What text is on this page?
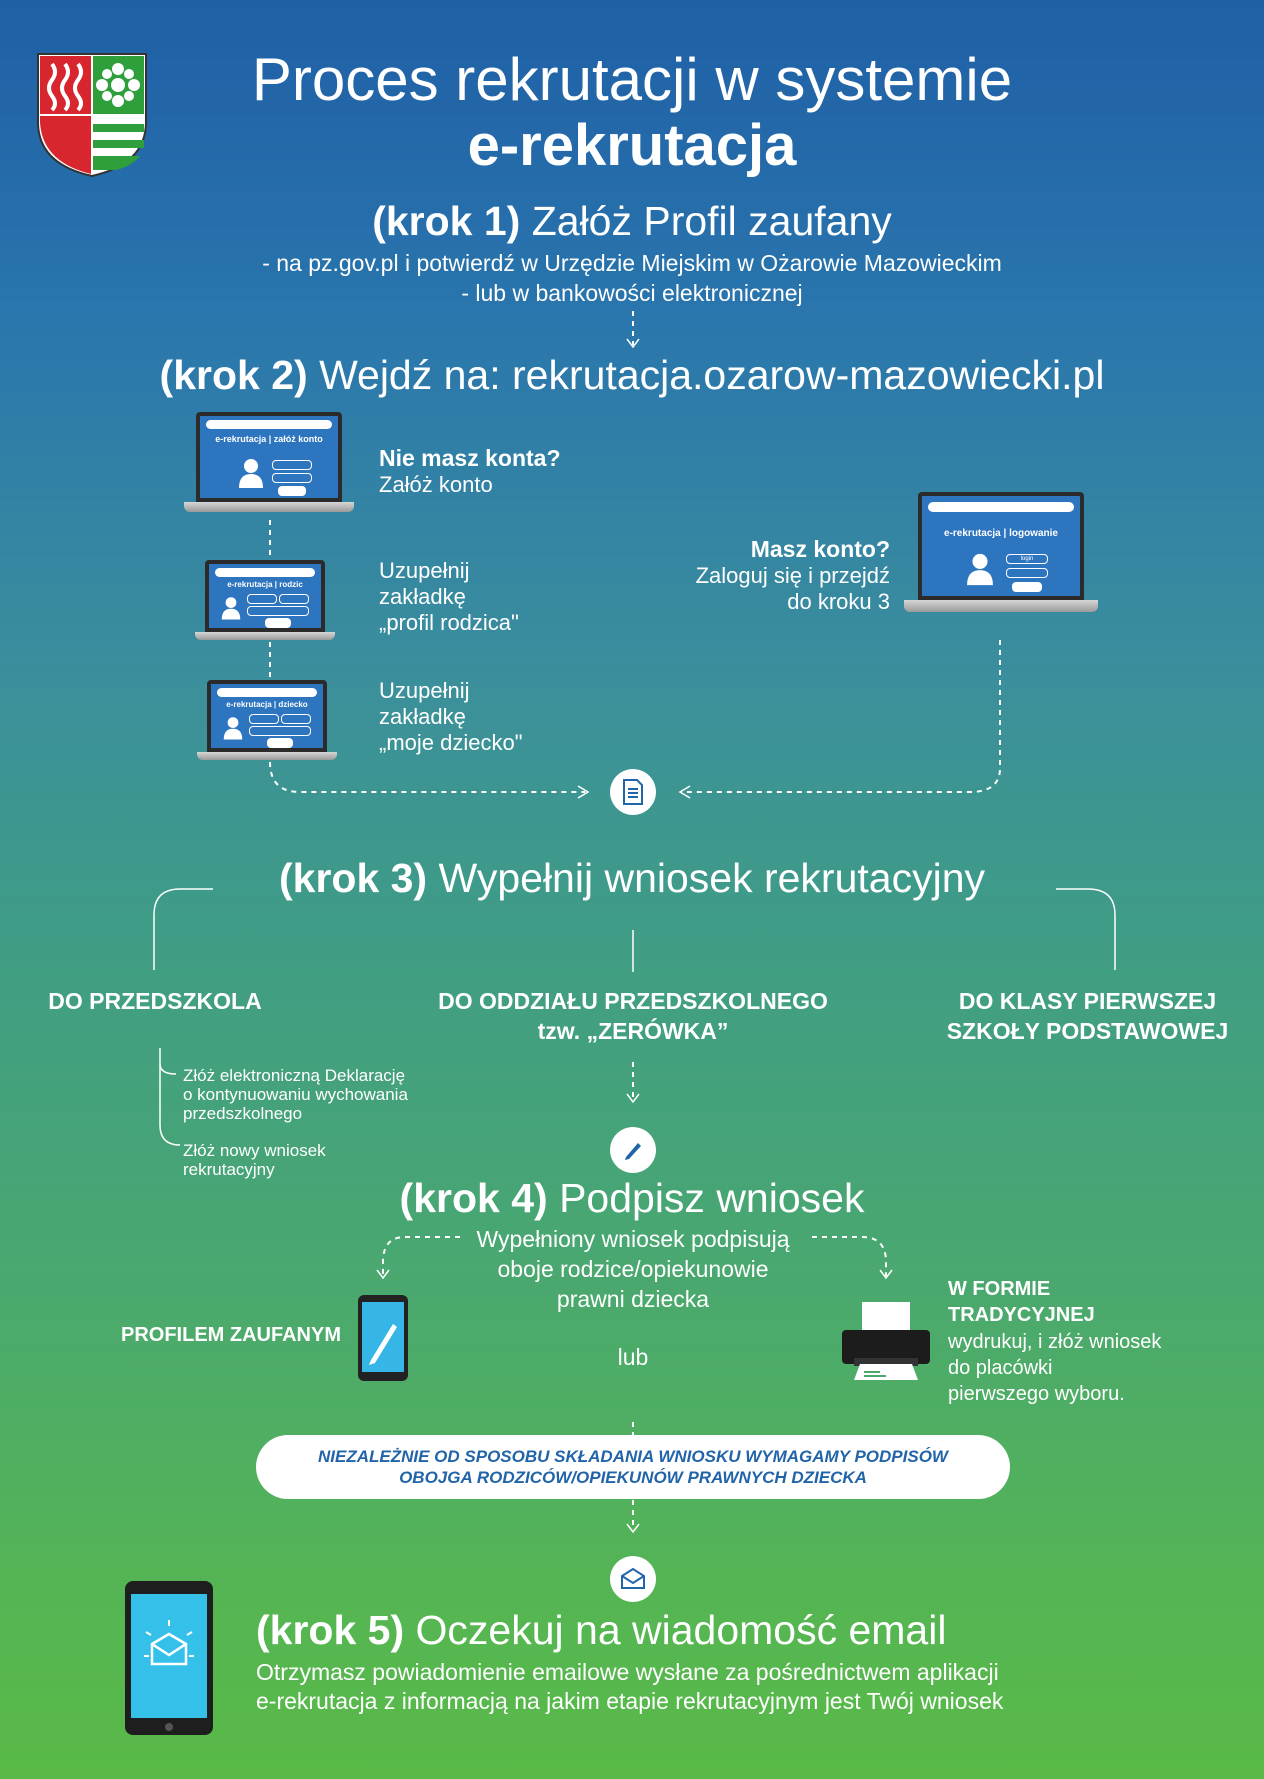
Proces rekrutacji w systemie
e-rekrutacja
(krok 1) Załóż Profil zaufany
- na pz.gov.pl i potwierdź w Urzędzie Miejskim w Ożarowie Mazowieckim
- lub w bankowości elektronicznej
(krok 2) Wejdź na: rekrutacja.ozarow-mazowiecki.pl
e-rekrutacja | załóż konto
Nie masz konta?
Załóż konto
e-rekrutacja | rodzic
Uzupełnij
zakładkę
„profil rodzica"
e-rekrutacja | dziecko
Uzupełnij
zakładkę
„moje dziecko"
Masz konto?
Zaloguj się i przejdź
do kroku 3
e-rekrutacja | logowanie
login
(krok 3) Wypełnij wniosek rekrutacyjny
DO PRZEDSZKOLA	DO ODDZIAŁU PRZEDSZKOLNEGO
tzw. „ZERÓWKA”
DO KLASY PIERWSZEJ
SZKOŁY PODSTAWOWEJ
Złóż elektroniczną Deklarację
o kontynuowaniu wychowania
przedszkolnego
Złóż nowy wniosek
rekrutacyjny
(krok 4) Podpisz wniosek
Wypełniony wniosek podpisują
oboje rodzice/opiekunowie
prawni dziecka
lub
PROFILEM ZAUFANYM
W FORMIE
TRADYCYJNEJ
wydrukuj, i złóż wniosek
do placówki
pierwszego wyboru.
NIEZALEŻNIE OD SPOSOBU SKŁADANIA WNIOSKU WYMAGAMY PODPISÓW
OBOJGA RODZICÓW/OPIEKUNÓW PRAWNYCH DZIECKA
(krok 5) Oczekuj na wiadomość email
Otrzymasz powiadomienie emailowe wysłane za pośrednictwem aplikacji
e-rekrutacja z informacją na jakim etapie rekrutacyjnym jest Twój wniosek
